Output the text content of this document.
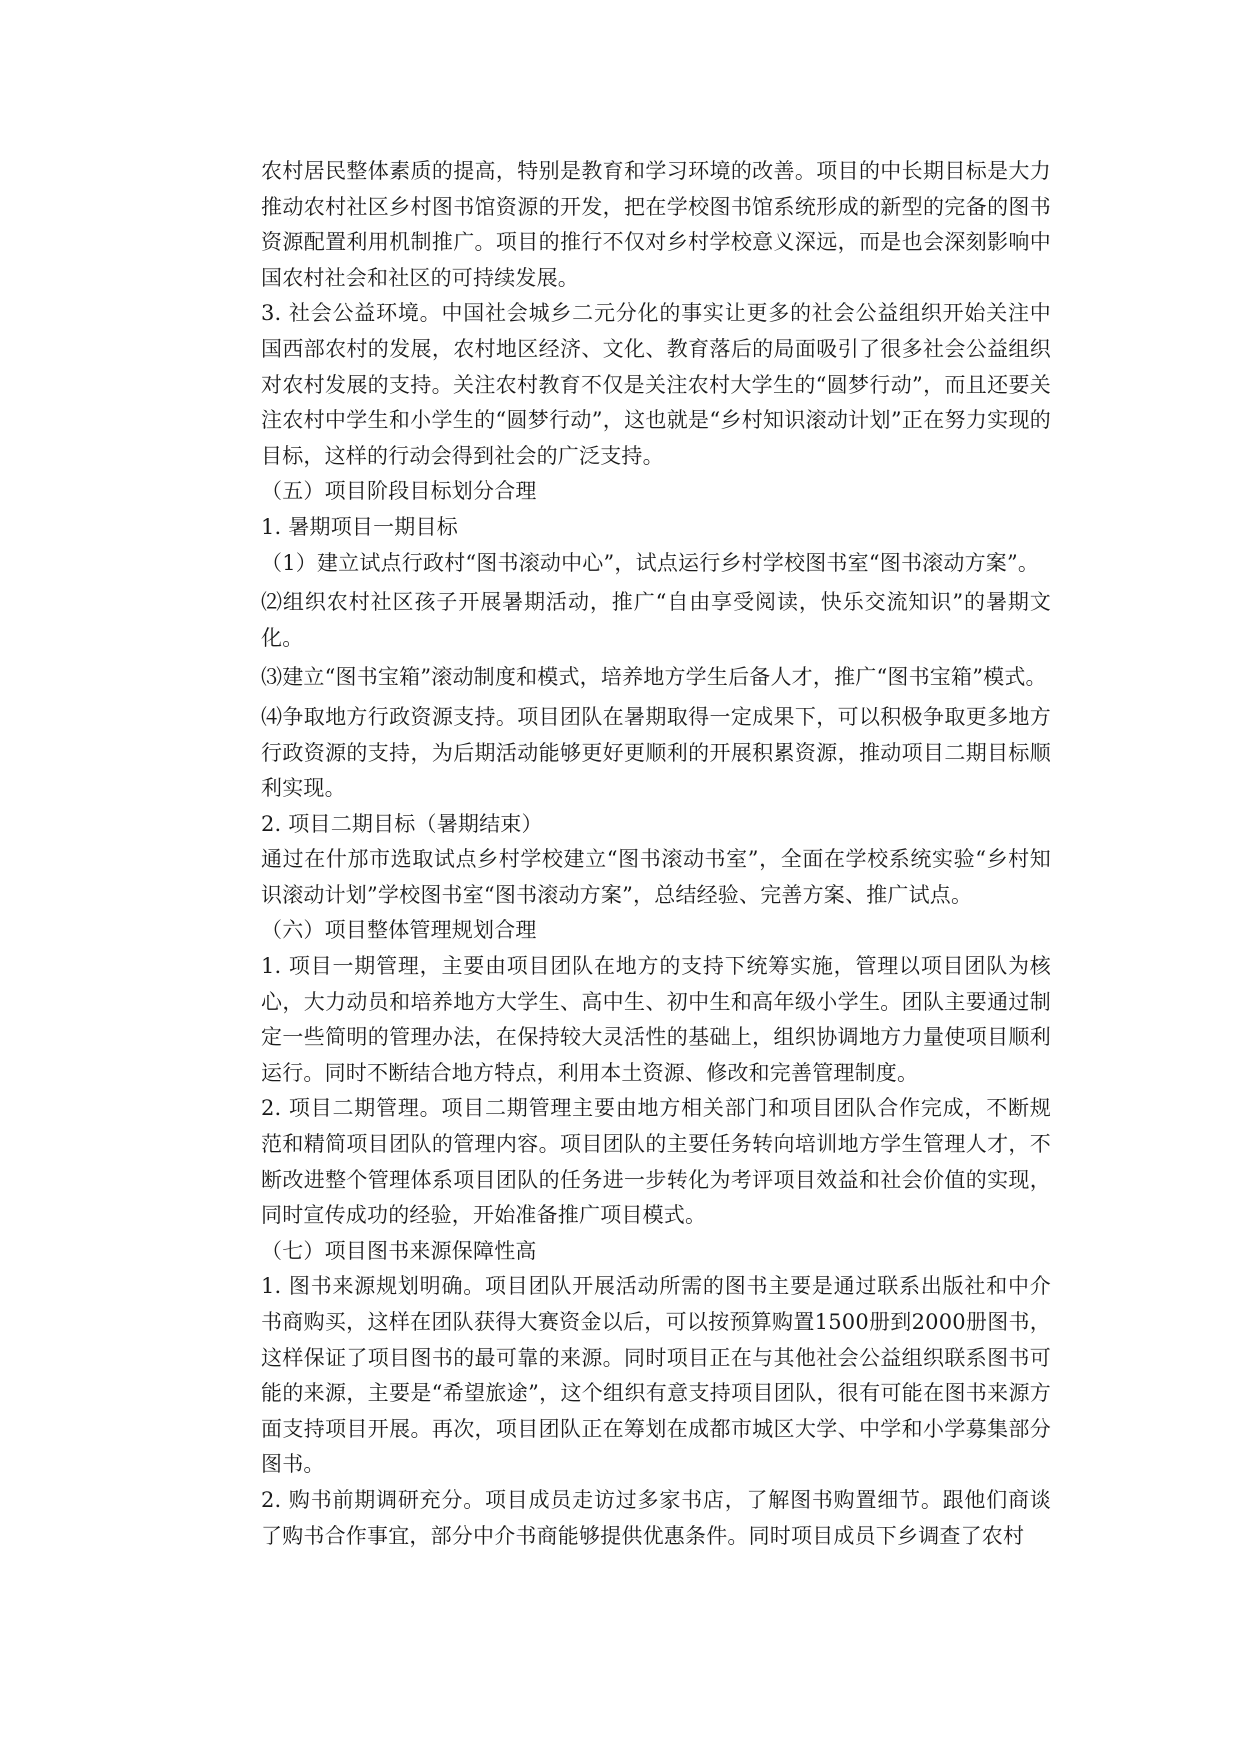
农村居民整体素质的提高，特别是教育和学习环境的改善。项目的中长期目标是大力推动农村社区乡村图书馆资源的开发，把在学校图书馆系统形成的新型的完备的图书资源配置利用机制推广。项目的推行不仅对乡村学校意义深远，而是也会深刻影响中国农村社会和社区的可持续发展。

3. 社会公益环境。中国社会城乡二元分化的事实让更多的社会公益组织开始关注中国西部农村的发展，农村地区经济、文化、教育落后的局面吸引了很多社会公益组织对农村发展的支持。关注农村教育不仅是关注农村大学生的“圆梦行动”，而且还要关注农村中学生和小学生的“圆梦行动”，这也就是“乡村知识滚动计划”正在努力实现的目标，这样的行动会得到社会的广泛支持。

（五）项目阶段目标划分合理

1. 暑期项目一期目标

（1）建立试点行政村“图书滚动中心”，试点运行乡村学校图书室“图书滚动方案”。

⑵组织农村社区孩子开展暑期活动，推广“自由享受阅读，快乐交流知识”的暑期文化。

⑶建立“图书宝箱”滚动制度和模式，培养地方学生后备人才，推广“图书宝箱”模式。

⑷争取地方行政资源支持。项目团队在暑期取得一定成果下，可以积极争取更多地方行政资源的支持，为后期活动能够更好更顺利的开展积累资源，推动项目二期目标顺利实现。

2. 项目二期目标（暑期结束）

通过在什邡市选取试点乡村学校建立“图书滚动书室”，全面在学校系统实验“乡村知识滚动计划”学校图书室“图书滚动方案”，总结经验、完善方案、推广试点。

（六）项目整体管理规划合理

1. 项目一期管理，主要由项目团队在地方的支持下统筹实施，管理以项目团队为核心，大力动员和培养地方大学生、高中生、初中生和高年级小学生。团队主要通过制定一些简明的管理办法，在保持较大灵活性的基础上，组织协调地方力量使项目顺利运行。同时不断结合地方特点，利用本土资源、修改和完善管理制度。

2. 项目二期管理。项目二期管理主要由地方相关部门和项目团队合作完成，不断规范和精简项目团队的管理内容。项目团队的主要任务转向培训地方学生管理人才，不断改进整个管理体系项目团队的任务进一步转化为考评项目效益和社会价值的实现，同时宣传成功的经验，开始准备推广项目模式。

（七）项目图书来源保障性高

1. 图书来源规划明确。项目团队开展活动所需的图书主要是通过联系出版社和中介书商购买，这样在团队获得大赛资金以后，可以按预算购置1500册到2000册图书，这样保证了项目图书的最可靠的来源。同时项目正在与其他社会公益组织联系图书可能的来源，主要是“希望旅途”，这个组织有意支持项目团队，很有可能在图书来源方面支持项目开展。再次，项目团队正在筹划在成都市城区大学、中学和小学募集部分图书。

2. 购书前期调研充分。项目成员走访过多家书店，了解图书购置细节。跟他们商谈了购书合作事宜，部分中介书商能够提供优惠条件。同时项目成员下乡调查了农村
